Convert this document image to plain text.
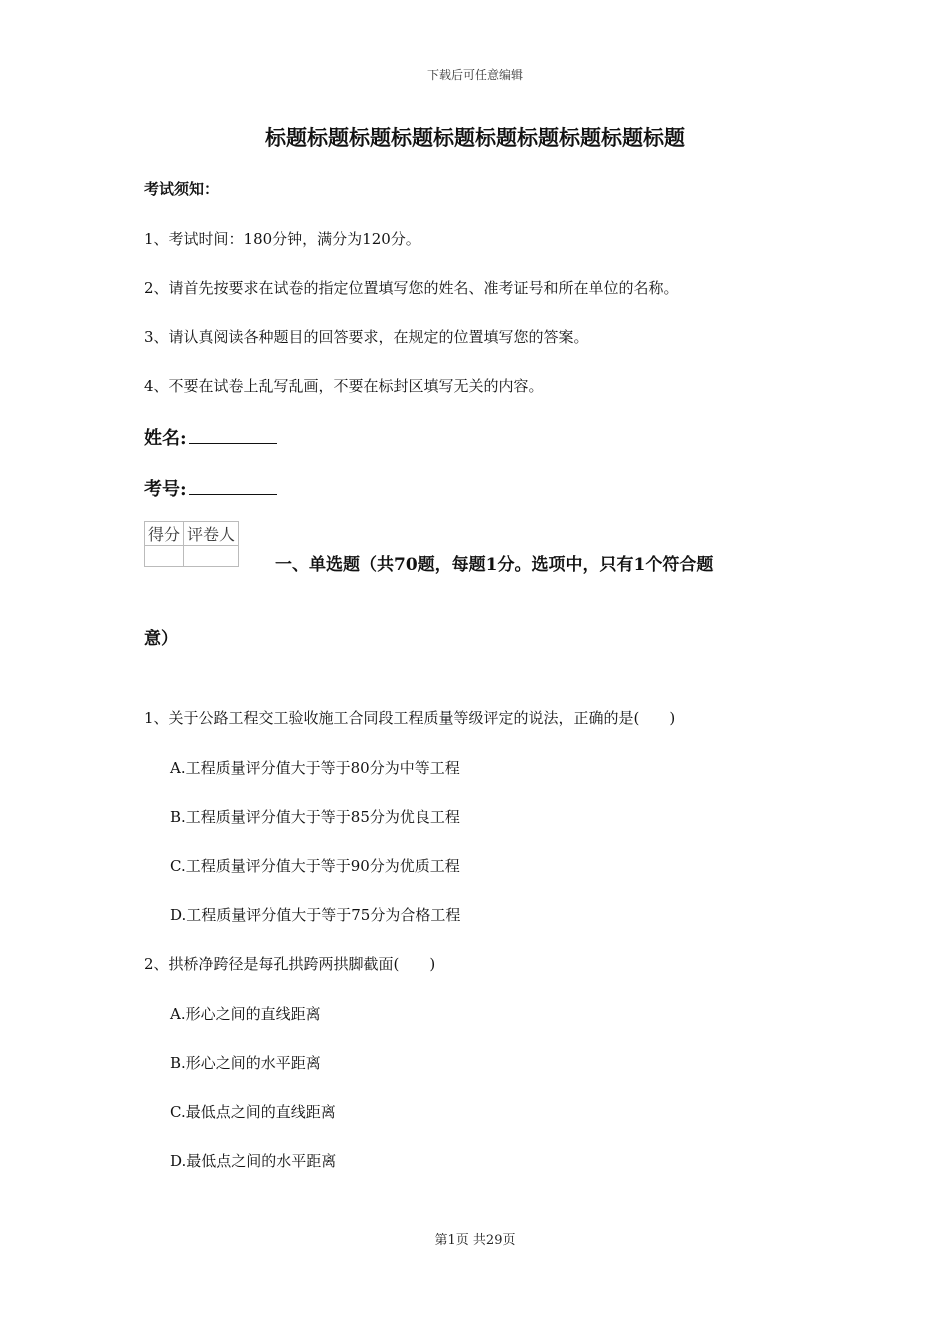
下载后可任意编辑
标题标题标题标题标题标题标题标题标题标题
考试须知：
1、考试时间：180分钟，满分为120分。
2、请首先按要求在试卷的指定位置填写您的姓名、准考证号和所在单位的名称。
3、请认真阅读各种题目的回答要求，在规定的位置填写您的答案。
4、不要在试卷上乱写乱画，不要在标封区填写无关的内容。
姓名:
考号:
得分	评卷人

一、单选题（共70题，每题1分。选项中，只有1个符合题
意）
1、关于公路工程交工验收施工合同段工程质量等级评定的说法，正确的是(　　)
A.工程质量评分值大于等于80分为中等工程
B.工程质量评分值大于等于85分为优良工程
C.工程质量评分值大于等于90分为优质工程
D.工程质量评分值大于等于75分为合格工程
2、拱桥净跨径是每孔拱跨两拱脚截面(　　)
A.形心之间的直线距离
B.形心之间的水平距离
C.最低点之间的直线距离
D.最低点之间的水平距离
第1页 共29页
